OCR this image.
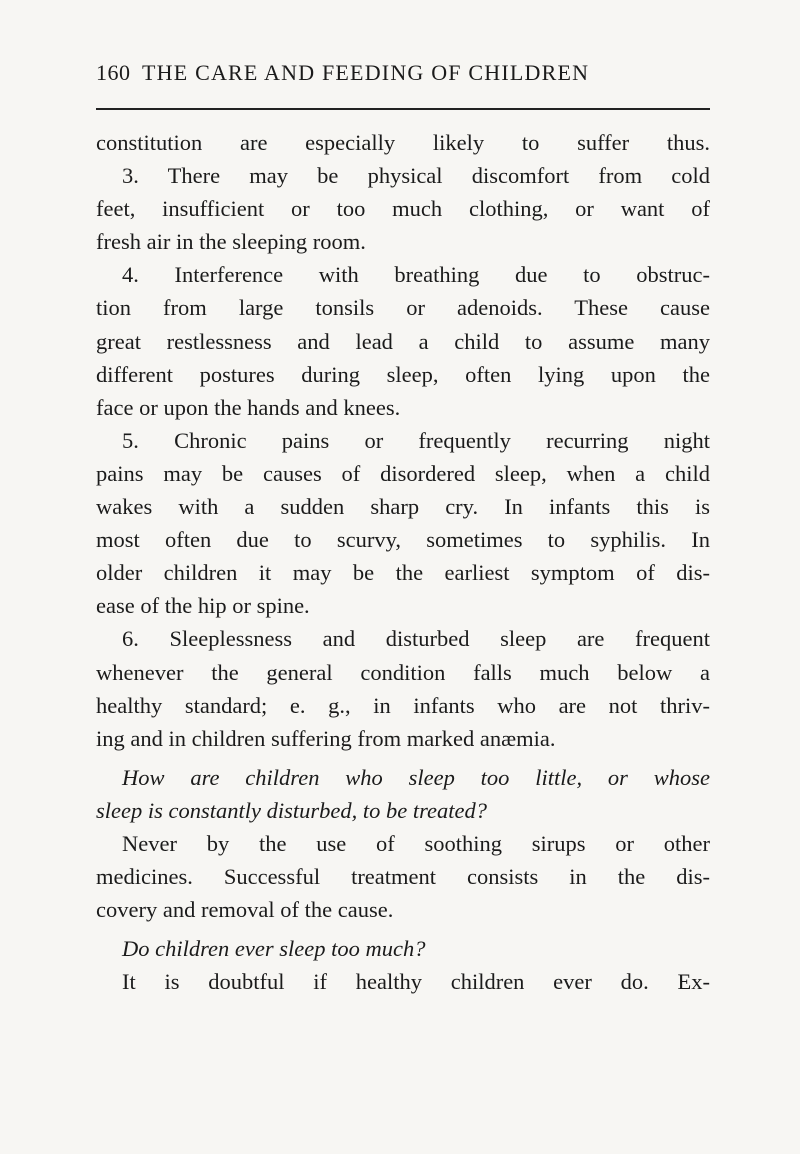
160 THE CARE AND FEEDING OF CHILDREN
constitution are especially likely to suffer thus.
3. There may be physical discomfort from cold
feet, insufficient or too much clothing, or want of
fresh air in the sleeping room.
4. Interference with breathing due to obstruc-
tion from large tonsils or adenoids. These cause
great restlessness and lead a child to assume many
different postures during sleep, often lying upon the
face or upon the hands and knees.
5. Chronic pains or frequently recurring night
pains may be causes of disordered sleep, when a child
wakes with a sudden sharp cry. In infants this is
most often due to scurvy, sometimes to syphilis. In
older children it may be the earliest symptom of dis-
ease of the hip or spine.
6. Sleeplessness and disturbed sleep are frequent
whenever the general condition falls much below a
healthy standard; e. g., in infants who are not thriv-
ing and in children suffering from marked anæmia.
How are children who sleep too little, or whose
sleep is constantly disturbed, to be treated?
Never by the use of soothing sirups or other
medicines. Successful treatment consists in the dis-
covery and removal of the cause.
Do children ever sleep too much?
It is doubtful if healthy children ever do. Ex-
